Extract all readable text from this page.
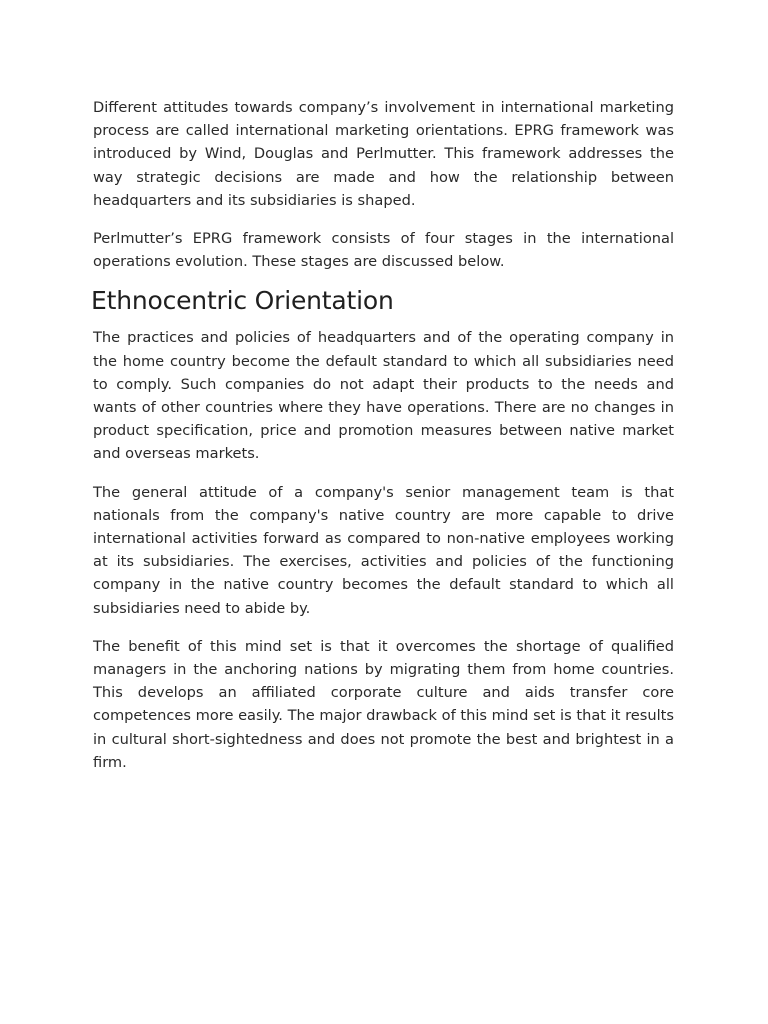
Different attitudes towards company’s involvement in international marketing process are called international marketing orientations. EPRG framework was introduced by Wind, Douglas and Perlmutter. This framework addresses the way strategic decisions are made and how the relationship between headquarters and its subsidiaries is shaped.

Perlmutter’s EPRG framework consists of four stages in the international operations evolution. These stages are discussed below.

Ethnocentric Orientation

The practices and policies of headquarters and of the operating company in the home country become the default standard to which all subsidiaries need to comply. Such companies do not adapt their products to the needs and wants of other countries where they have operations. There are no changes in product specification, price and promotion measures between native market and overseas markets.

The general attitude of a company's senior management team is that nationals from the company's native country are more capable to drive international activities forward as compared to non-native employees working at its subsidiaries. The exercises, activities and policies of the functioning company in the native country becomes the default standard to which all subsidiaries need to abide by.

The benefit of this mind set is that it overcomes the shortage of qualified managers in the anchoring nations by migrating them from home countries. This develops an affiliated corporate culture and aids transfer core competences more easily. The major drawback of this mind set is that it results in cultural short-sightedness and does not promote the best and brightest in a firm.
